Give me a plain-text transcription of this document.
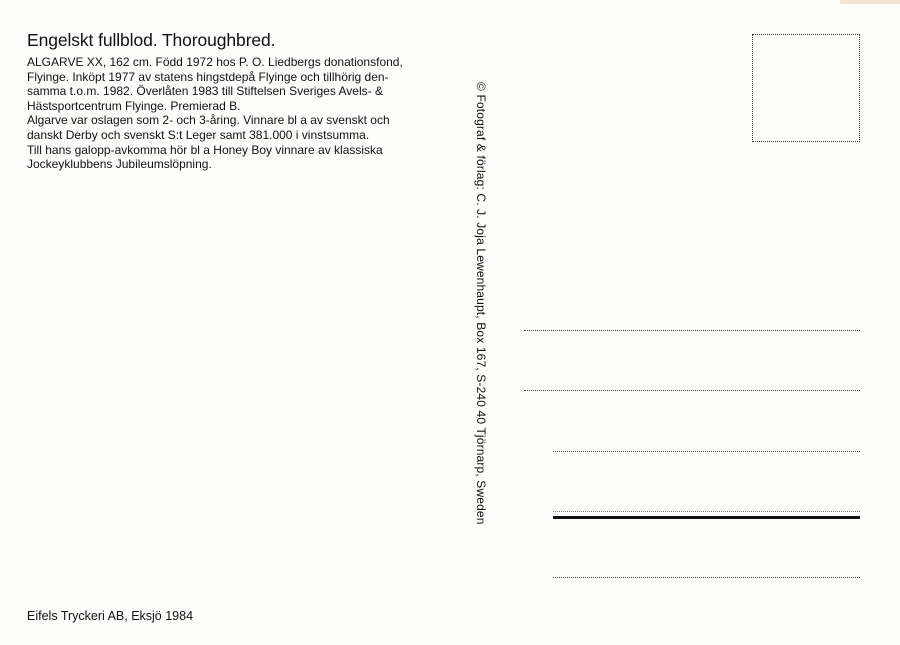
Engelskt fullblod. Thoroughbred.
ALGARVE XX, 162 cm. Född 1972 hos P. O. Liedbergs donationsfond,
Flyinge. Inköpt 1977 av statens hingstdepå Flyinge och tillhörig den-
samma t.o.m. 1982. Överlåten 1983 till Stiftelsen Sveriges Avels- &
Hästsportcentrum Flyinge. Premierad B.
Algarve var oslagen som 2- och 3-åring. Vinnare bl a av svenskt och
danskt Derby och svenskt S:t Leger samt 381.000 i vinstsumma.
Till hans galopp-avkomma hör bl a Honey Boy vinnare av klassiska
Jockeyklubbens Jubileumslöpning.	© Fotograf & förlag: C. J. Joja Lewenhaupt, Box 167, S-240 40 Tjörnarp, Sweden
Eifels Tryckeri AB, Eksjö 1984
